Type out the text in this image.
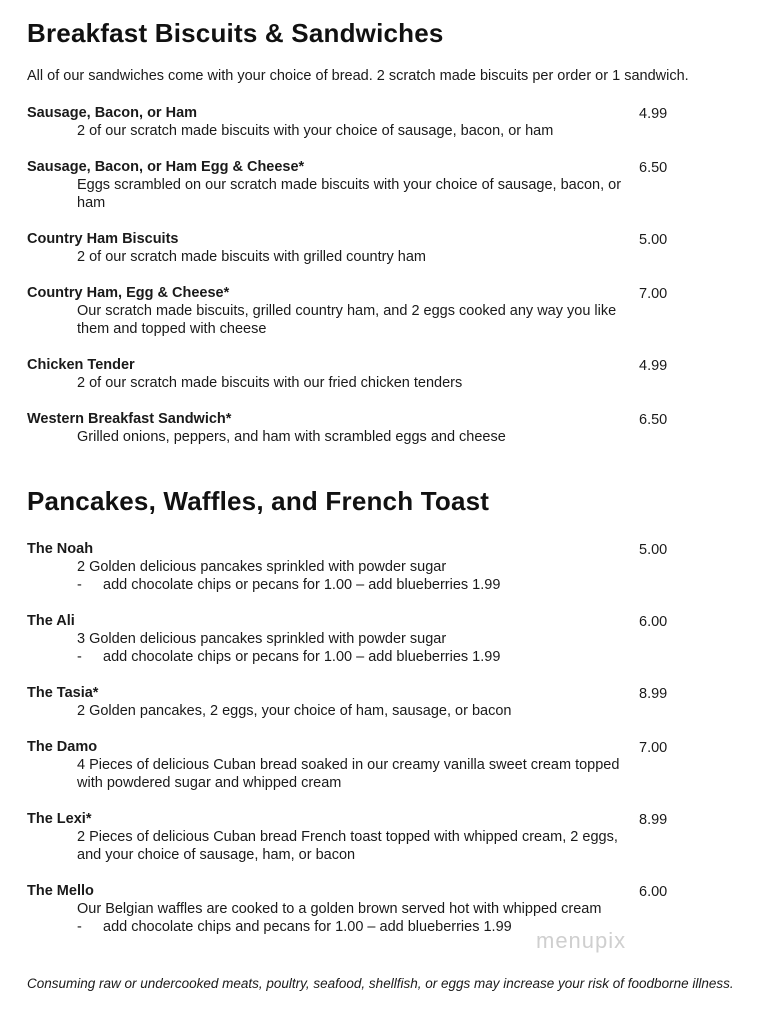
Breakfast Biscuits & Sandwiches

All of our sandwiches come with your choice of bread. 2 scratch made biscuits per order or 1 sandwich.

Sausage, Bacon, or Ham
2 of our scratch made biscuits with your choice of sausage, bacon, or ham
4.99
Sausage, Bacon, or Ham Egg & Cheese*
Eggs scrambled on our scratch made biscuits with your choice of sausage, bacon, or ham
6.50
Country Ham Biscuits
2 of our scratch made biscuits with grilled country ham
5.00
Country Ham, Egg & Cheese*
Our scratch made biscuits, grilled country ham, and 2 eggs cooked any way you like them and topped with cheese
7.00
Chicken Tender
2 of our scratch made biscuits with our fried chicken tenders
4.99
Western Breakfast Sandwich*
Grilled onions, peppers, and ham with scrambled eggs and cheese
6.50
Pancakes, Waffles, and French Toast
The Noah
2 Golden delicious pancakes sprinkled with powder sugar
- add chocolate chips or pecans for 1.00 – add blueberries 1.99
5.00
The Ali
3 Golden delicious pancakes sprinkled with powder sugar
- add chocolate chips or pecans for 1.00 – add blueberries 1.99
6.00
The Tasia*
2 Golden pancakes, 2 eggs, your choice of ham, sausage, or bacon
8.99
The Damo
4 Pieces of delicious Cuban bread soaked in our creamy vanilla sweet cream topped with powdered sugar and whipped cream
7.00
The Lexi*
2 Pieces of delicious Cuban bread French toast topped with whipped cream, 2 eggs, and your choice of sausage, ham, or bacon
8.99
The Mello
Our Belgian waffles are cooked to a golden brown served hot with whipped cream
- add chocolate chips and pecans for 1.00 – add blueberries 1.99
6.00
menupix

Consuming raw or undercooked meats, poultry, seafood, shellfish, or eggs may increase your risk of foodborne illness.
